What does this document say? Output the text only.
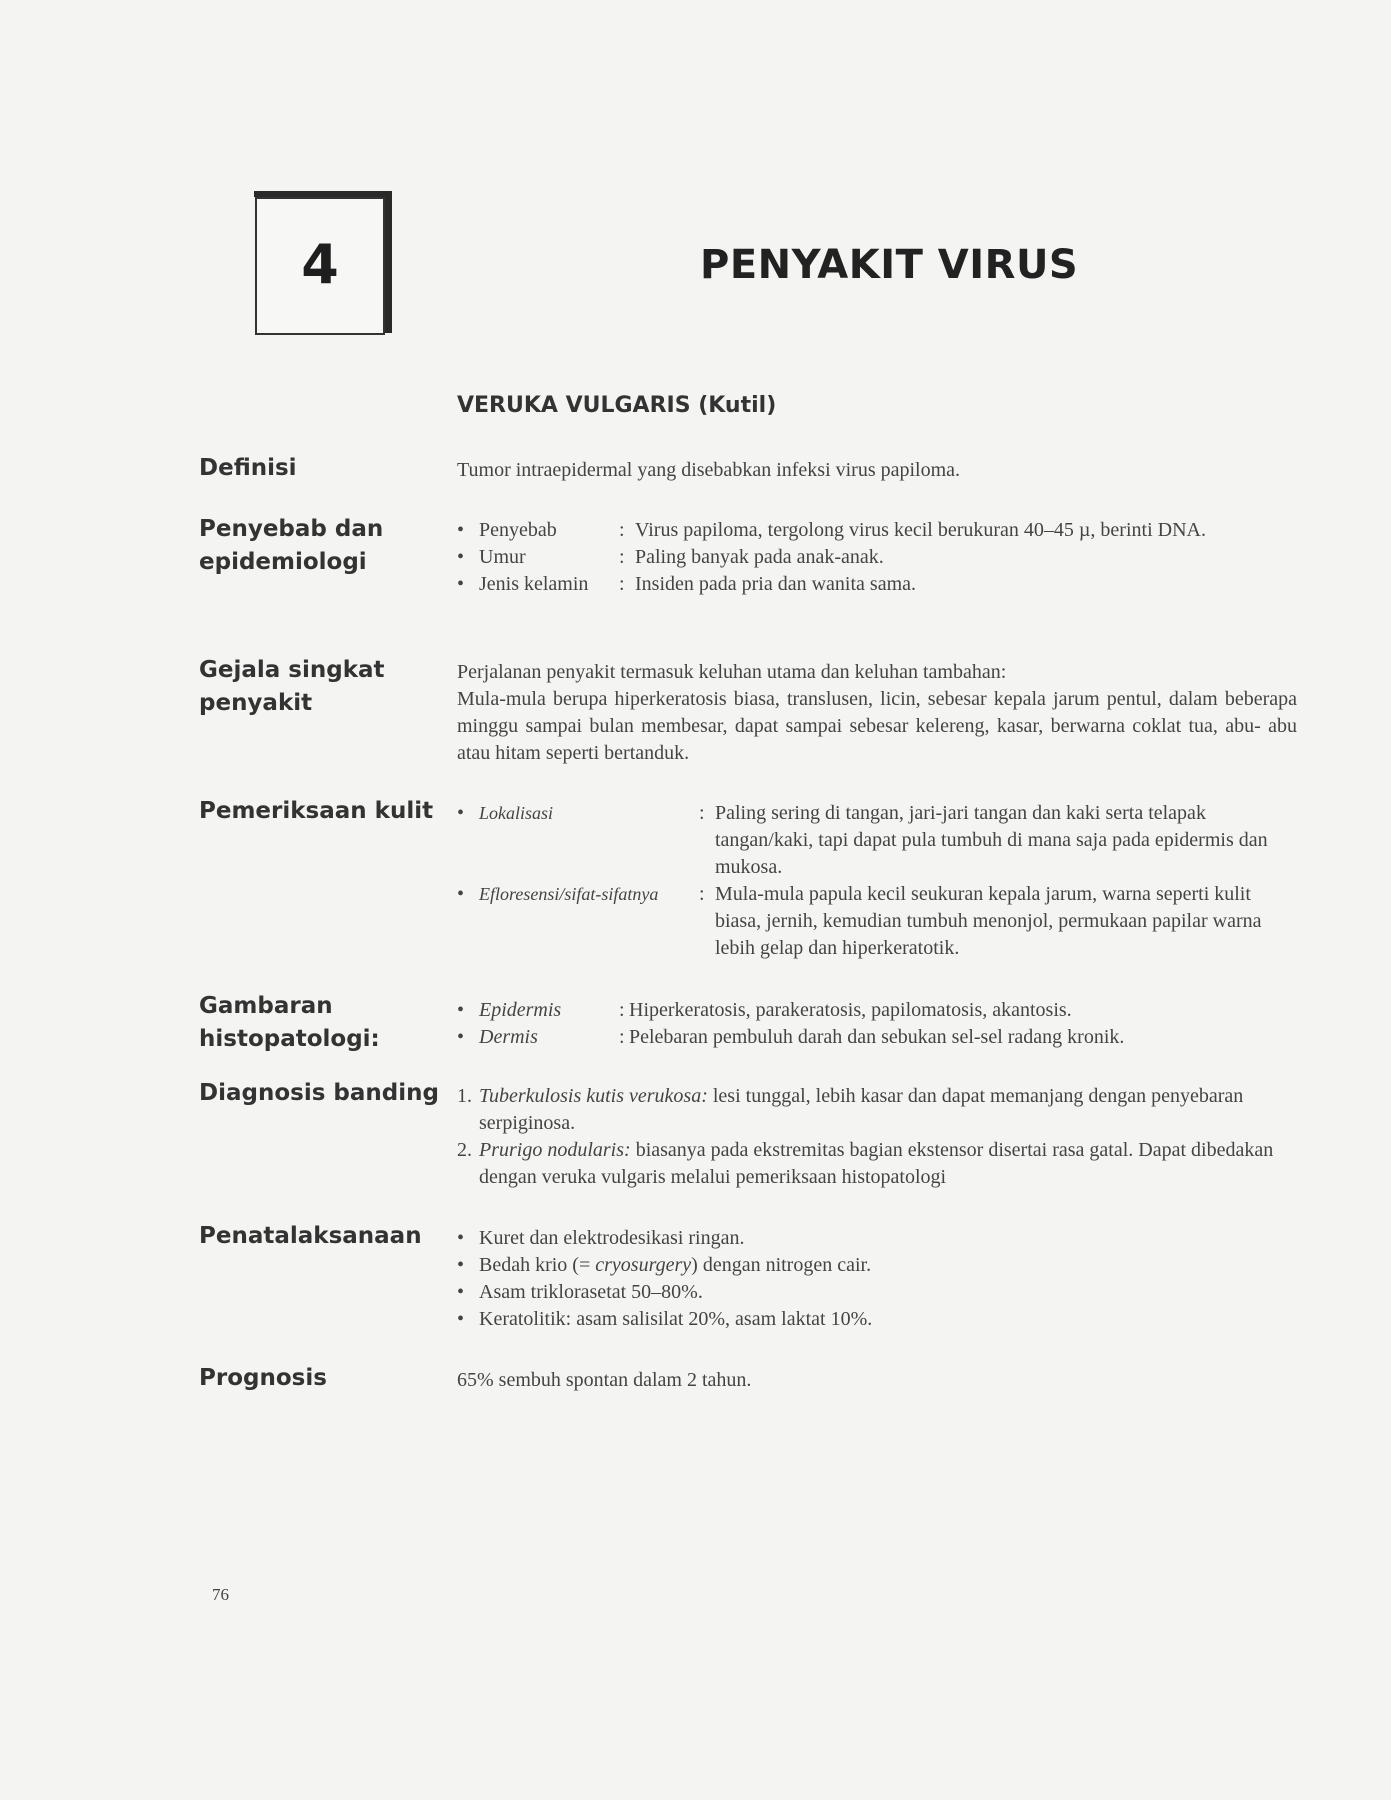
4	PENYAKIT VIRUS
VERUKA VULGARIS (Kutil)
Definisi	Tumor intraepidermal yang disebabkan infeksi virus papiloma.

Penyebab dan
epidemiologi
• Penyebab	: Virus papiloma, tergolong virus kecil berukuran 40–45 µ, berinti DNA.
• Umur	: Paling banyak pada anak-anak.
• Jenis kelamin	: Insiden pada pria dan wanita sama.
Gejala singkat
penyakit

Perjalanan penyakit termasuk keluhan utama dan keluhan tambahan:

Mula-mula berupa hiperkeratosis biasa, translusen, licin, sebesar kepala jarum pentul, dalam beberapa minggu sampai bulan membesar, dapat sampai sebesar kelereng, kasar, berwarna coklat tua, abu- abu atau hitam seperti bertanduk.

Pemeriksaan kulit • Lokalisasi	: Paling sering di tangan, jari-jari tangan dan kaki serta telapak tangan/kaki, tapi dapat pula tumbuh di mana saja pada epidermis dan mukosa.
• Efloresensi/sifat-sifatnya	: Mula-mula papula kecil seukuran kepala jarum, warna seperti kulit biasa, jernih, kemudian tumbuh menonjol, permukaan papilar warna lebih gelap dan hiperkeratotik.
Gambaran
histopatologi:
• Epidermis	: Hiperkeratosis, parakeratosis, papilomatosis, akantosis.
• Dermis	: Pelebaran pembuluh darah dan sebukan sel-sel radang kronik.
Diagnosis banding 1. Tuberkulosis kutis verukosa: lesi tunggal, lebih kasar dan dapat memanjang dengan penyebaran serpiginosa.
2. Prurigo nodularis: biasanya pada ekstremitas bagian ekstensor disertai rasa gatal. Dapat dibedakan dengan veruka vulgaris melalui pemeriksaan histopatologi
Penatalaksanaan • Kuret dan elektrodesikasi ringan.
• Bedah krio (= cryosurgery) dengan nitrogen cair.
• Asam triklorasetat 50–80%.
• Keratolitik: asam salisilat 20%, asam laktat 10%.
Prognosis	65% sembuh spontan dalam 2 tahun.

76
